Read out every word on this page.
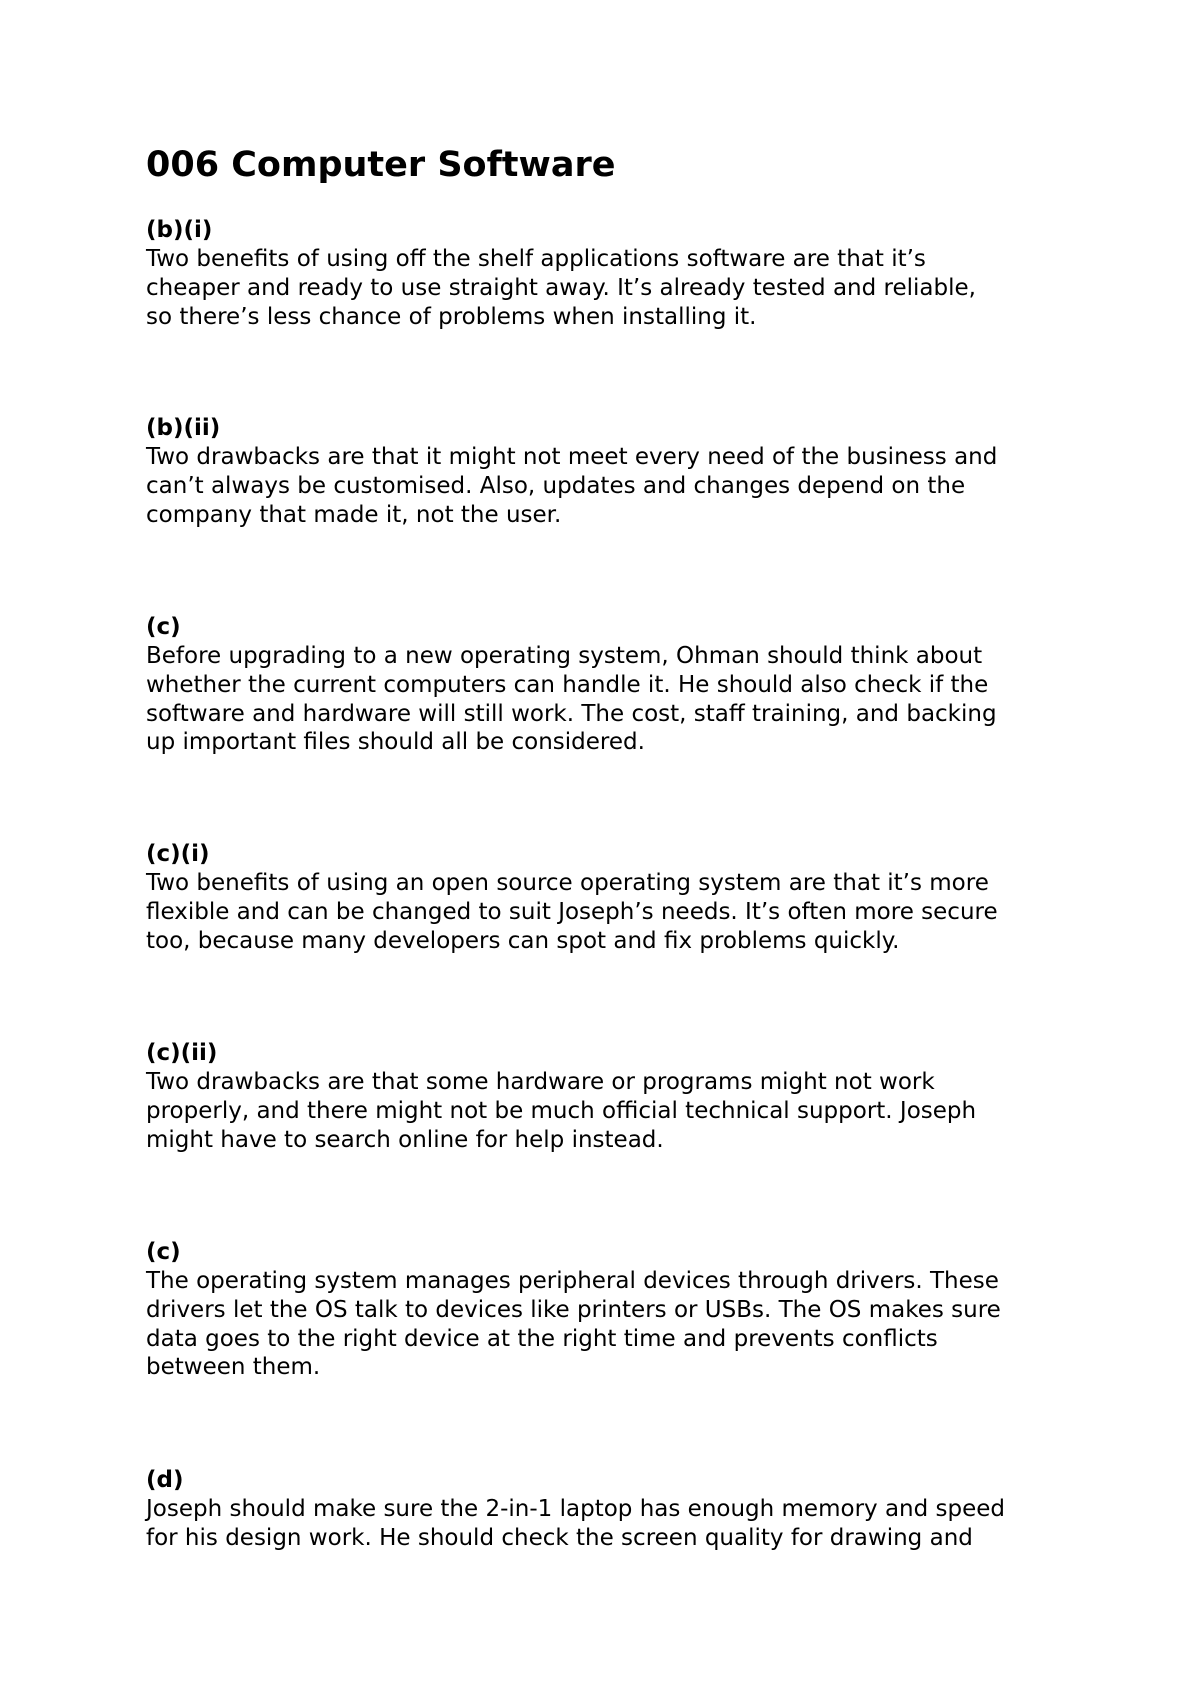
006 Computer Software
(b)(i)
Two benefits of using off the shelf applications software are that it’s
cheaper and ready to use straight away. It’s already tested and reliable,
so there’s less chance of problems when installing it.
(b)(ii)
Two drawbacks are that it might not meet every need of the business and
can’t always be customised. Also, updates and changes depend on the
company that made it, not the user.
(c)
Before upgrading to a new operating system, Ohman should think about
whether the current computers can handle it. He should also check if the
software and hardware will still work. The cost, staff training, and backing
up important files should all be considered.
(c)(i)
Two benefits of using an open source operating system are that it’s more
flexible and can be changed to suit Joseph’s needs. It’s often more secure
too, because many developers can spot and fix problems quickly.
(c)(ii)
Two drawbacks are that some hardware or programs might not work
properly, and there might not be much official technical support. Joseph
might have to search online for help instead.
(c)
The operating system manages peripheral devices through drivers. These
drivers let the OS talk to devices like printers or USBs. The OS makes sure
data goes to the right device at the right time and prevents conflicts
between them.
(d)
Joseph should make sure the 2-in-1 laptop has enough memory and speed
for his design work. He should check the screen quality for drawing and
